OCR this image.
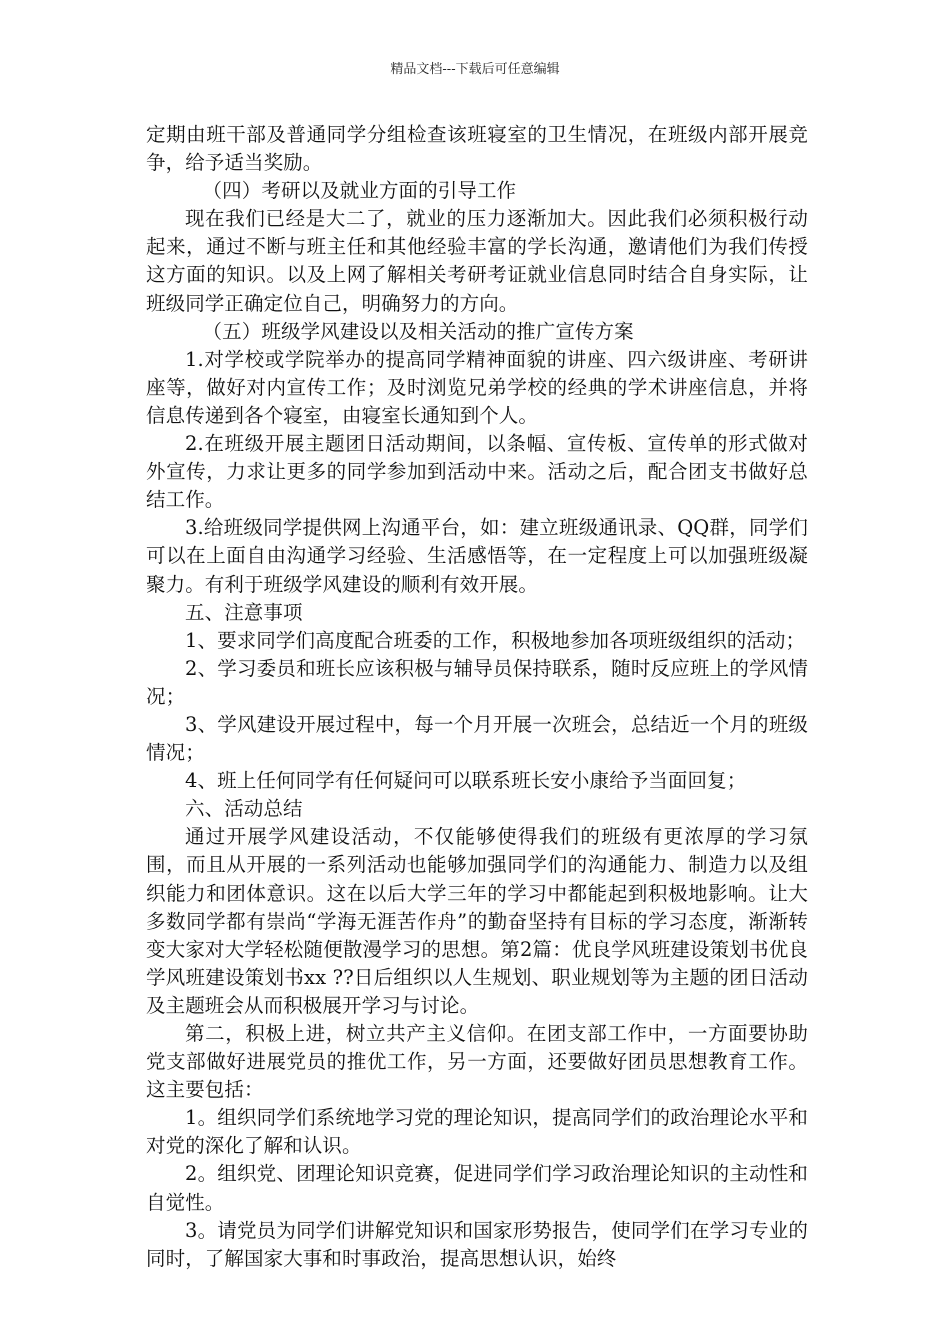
精品文档---下载后可任意编辑

定期由班干部及普通同学分组检查该班寝室的卫生情况，在班级内部开展竞争，给予适当奖励。

（四）考研以及就业方面的引导工作

现在我们已经是大二了，就业的压力逐渐加大。因此我们必须积极行动起来，通过不断与班主任和其他经验丰富的学长沟通，邀请他们为我们传授这方面的知识。以及上网了解相关考研考证就业信息同时结合自身实际，让班级同学正确定位自己，明确努力的方向。

（五）班级学风建设以及相关活动的推广宣传方案

1.对学校或学院举办的提高同学精神面貌的讲座、四六级讲座、考研讲座等，做好对内宣传工作；及时浏览兄弟学校的经典的学术讲座信息，并将信息传递到各个寝室，由寝室长通知到个人。

2.在班级开展主题团日活动期间，以条幅、宣传板、宣传单的形式做对外宣传，力求让更多的同学参加到活动中来。活动之后，配合团支书做好总结工作。

3.给班级同学提供网上沟通平台，如：建立班级通讯录、QQ群，同学们可以在上面自由沟通学习经验、生活感悟等，在一定程度上可以加强班级凝聚力。有利于班级学风建设的顺利有效开展。

五、注意事项

1、要求同学们高度配合班委的工作，积极地参加各项班级组织的活动；

2、学习委员和班长应该积极与辅导员保持联系，随时反应班上的学风情况；

3、学风建设开展过程中，每一个月开展一次班会，总结近一个月的班级情况；

4、班上任何同学有任何疑问可以联系班长安小康给予当面回复；

六、活动总结

通过开展学风建设活动，不仅能够使得我们的班级有更浓厚的学习氛围，而且从开展的一系列活动也能够加强同学们的沟通能力、制造力以及组织能力和团体意识。这在以后大学三年的学习中都能起到积极地影响。让大多数同学都有崇尚“学海无涯苦作舟”的勤奋坚持有目标的学习态度，渐渐转变大家对大学轻松随便散漫学习的思想。第2篇：优良学风班建设策划书优良学风班建设策划书xx ??日后组织以人生规划、职业规划等为主题的团日活动及主题班会从而积极展开学习与讨论。

第二，积极上进，树立共产主义信仰。在团支部工作中，一方面要协助党支部做好进展党员的推优工作，另一方面，还要做好团员思想教育工作。这主要包括：

1。组织同学们系统地学习党的理论知识，提高同学们的政治理论水平和对党的深化了解和认识。

2。组织党、团理论知识竞赛，促进同学们学习政治理论知识的主动性和自觉性。

3。请党员为同学们讲解党知识和国家形势报告，使同学们在学习专业的同时，了解国家大事和时事政治，提高思想认识，始终
